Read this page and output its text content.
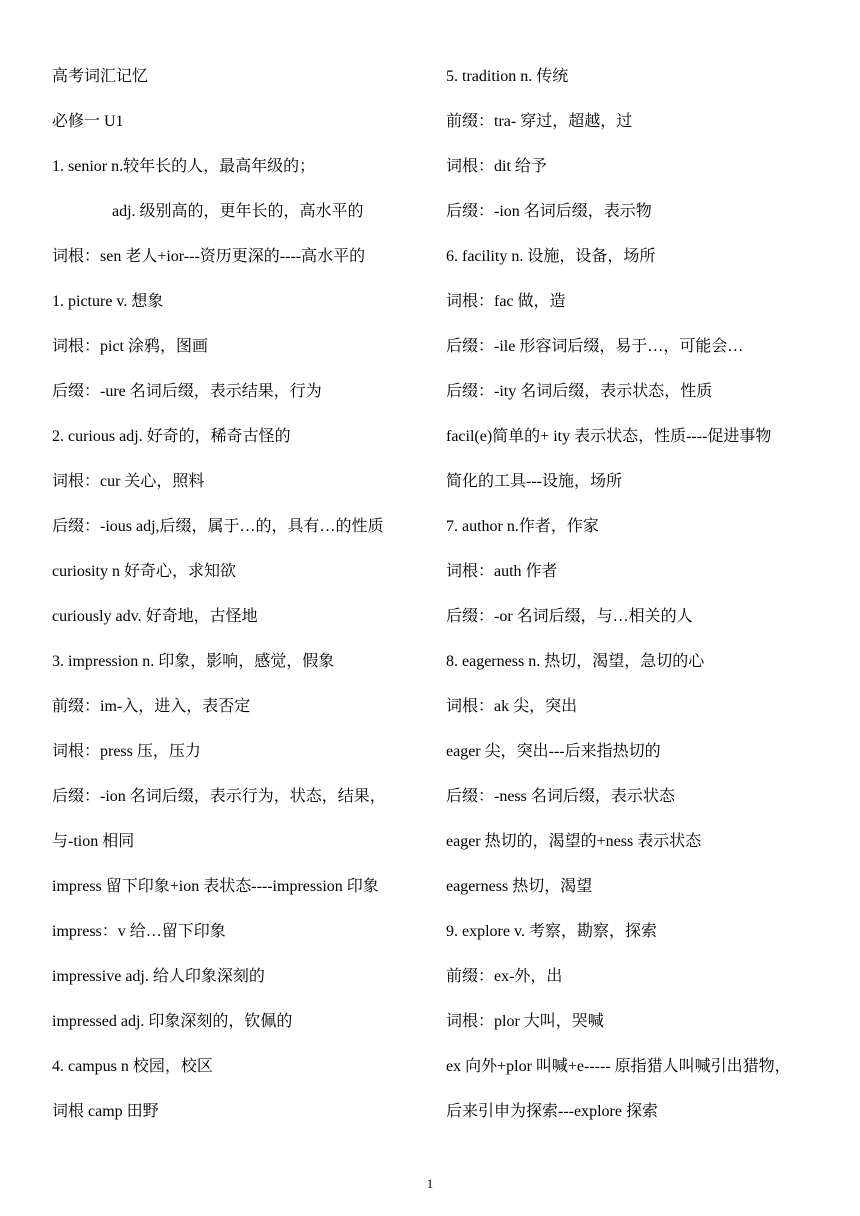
高考词汇记忆
必修一 U1
1. senior n.较年长的人，最高年级的；
adj. 级别高的，更年长的，高水平的
词根：sen 老人+ior---资历更深的----高水平的
1. picture v. 想象
词根：pict 涂鸦，图画
后缀：-ure 名词后缀，表示结果，行为
2. curious adj. 好奇的，稀奇古怪的
词根：cur 关心，照料
后缀：-ious adj,后缀，属于…的，具有…的性质
curiosity n 好奇心，求知欲
curiously adv. 好奇地，古怪地
3. impression n. 印象，影响，感觉，假象
前缀：im-入，进入，表否定
词根：press 压，压力
后缀：-ion 名词后缀，表示行为，状态，结果，
与-tion 相同
impress 留下印象+ion 表状态----impression 印象
impress：v 给…留下印象
impressive adj. 给人印象深刻的
impressed adj. 印象深刻的，钦佩的
4. campus n 校园，校区
词根 camp 田野
5. tradition n. 传统
前缀：tra- 穿过，超越，过
词根：dit 给予
后缀：-ion 名词后缀，表示物
6. facility n. 设施，设备，场所
词根：fac 做，造
后缀：-ile 形容词后缀，易于…，可能会…
后缀：-ity 名词后缀，表示状态，性质
facil(e)简单的+ ity 表示状态，性质----促进事物
简化的工具---设施，场所
7. author n.作者，作家
词根：auth 作者
后缀：-or 名词后缀，与…相关的人
8. eagerness n. 热切，渴望，急切的心
词根：ak 尖，突出
eager 尖，突出---后来指热切的
后缀：-ness 名词后缀，表示状态
eager 热切的，渴望的+ness 表示状态
eagerness 热切，渴望
9. explore v. 考察，勘察，探索
前缀：ex-外，出
词根：plor 大叫，哭喊
ex 向外+plor 叫喊+e----- 原指猎人叫喊引出猎物，
后来引申为探索---explore 探索
1
